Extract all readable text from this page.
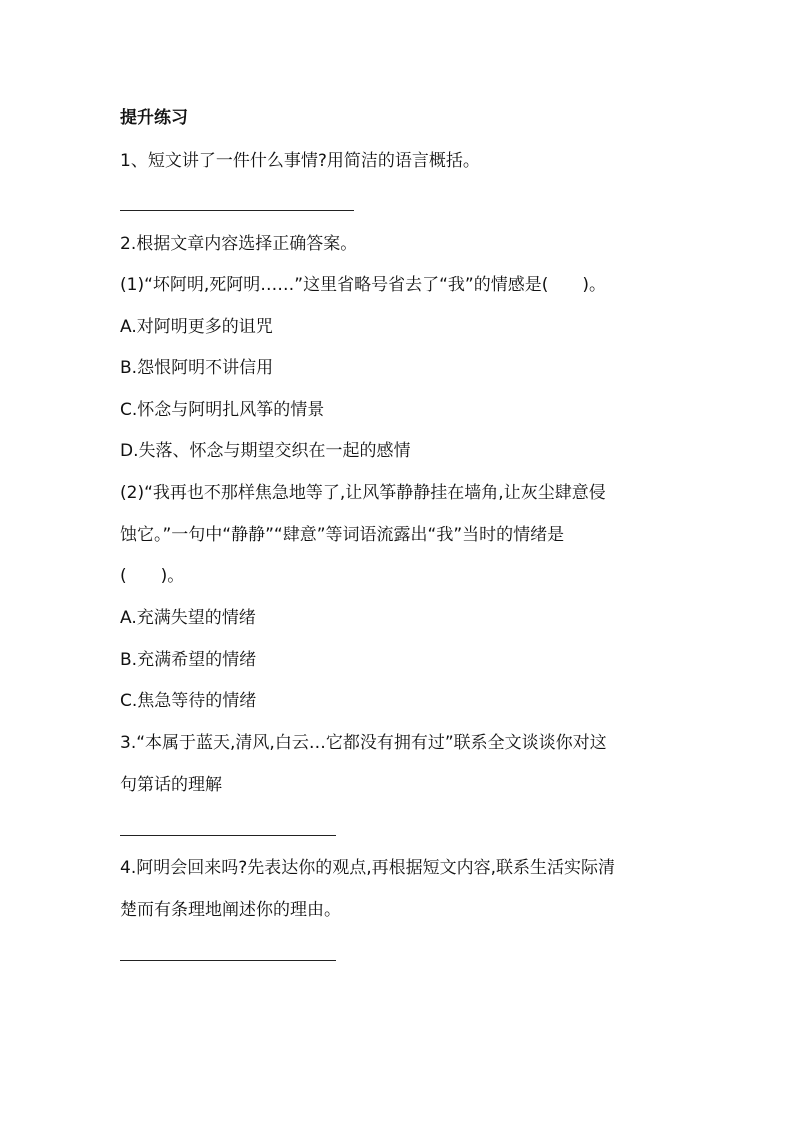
提升练习
1、短文讲了一件什么事情?用简洁的语言概括。
2.根据文章内容选择正确答案。
(1)“坏阿明,死阿明……”这里省略号省去了“我”的情感是(　　)。
A.对阿明更多的诅咒
B.怨恨阿明不讲信用
C.怀念与阿明扎风筝的情景
D.失落、怀念与期望交织在一起的感情
(2)“我再也不那样焦急地等了,让风筝静静挂在墙角,让灰尘肆意侵
蚀它。”一句中“静静”“肆意”等词语流露出“我”当时的情绪是
(　　)。
A.充满失望的情绪
B.充满希望的情绪
C.焦急等待的情绪
3.“本属于蓝天,清风,白云…它都没有拥有过”联系全文谈谈你对这
句第话的理解
4.阿明会回来吗?先表达你的观点,再根据短文内容,联系生活实际清
楚而有条理地阐述你的理由。
